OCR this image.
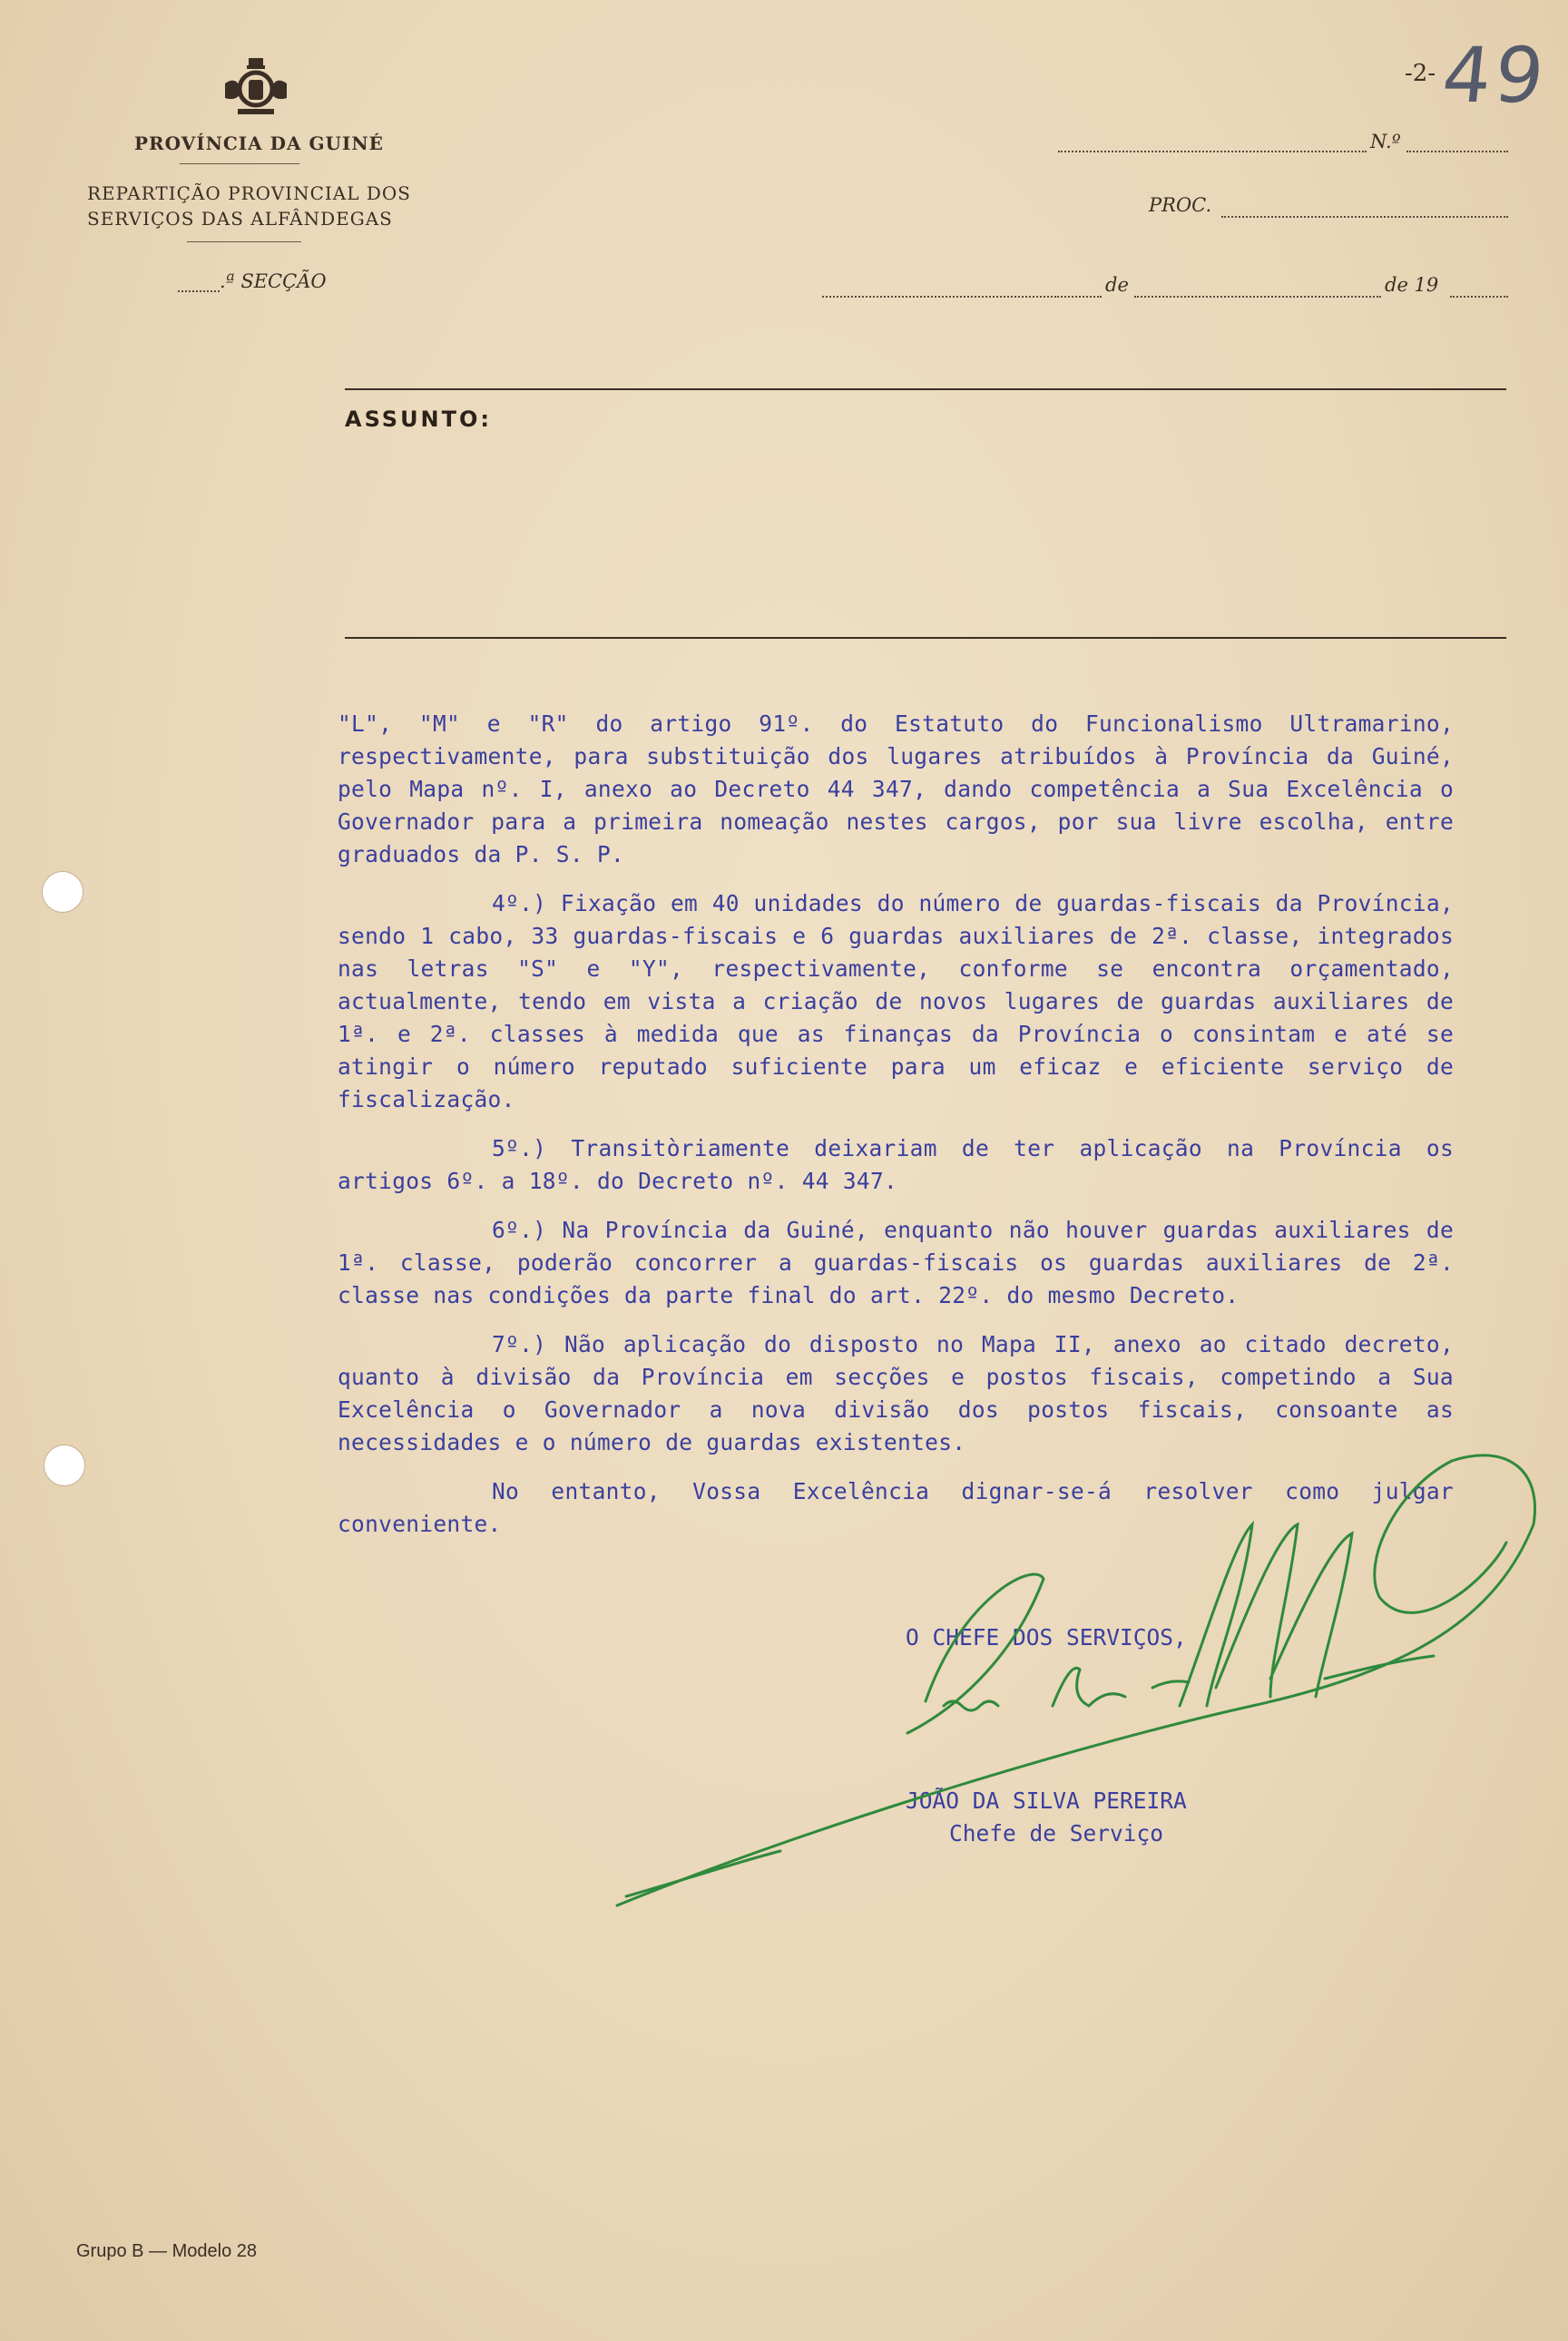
PROVÍNCIA DA GUINÉ
REPARTIÇÃO PROVINCIAL DOS
SERVIÇOS DAS ALFÂNDEGAS
.ª SECÇÃO
-2- 49
N.º
PROC.
de	de 19
ASSUNTO:

"L", "M" e "R" do artigo 91º. do Estatuto do Funcionalismo Ultramarino, respectivamente, para substituição dos lugares atribuídos à Província da Guiné, pelo Mapa nº. I, anexo ao Decreto 44 347, dando competência a Sua Excelência o Governador para a primeira nomeação nestes cargos, por sua livre escolha, entre graduados da P. S. P.

4º.) Fixação em 40 unidades do número de guardas-fiscais da Província, sendo 1 cabo, 33 guardas-fiscais e 6 guardas auxiliares de 2ª. classe, integrados nas letras "S" e "Y", respectivamente, conforme se encontra orçamentado, actualmente, tendo em vista a criação de novos lugares de guardas auxiliares de 1ª. e 2ª. classes à medida que as finanças da Província o consintam e até se atingir o número reputado suficiente para um eficaz e eficiente serviço de fiscalização.

5º.) Transitòriamente deixariam de ter aplicação na Província os artigos 6º. a 18º. do Decreto nº. 44 347.

6º.) Na Província da Guiné, enquanto não houver guardas auxiliares de 1ª. classe, poderão concorrer a guardas-fiscais os guardas auxiliares de 2ª. classe nas condições da parte final do art. 22º. do mesmo Decreto.

7º.) Não aplicação do disposto no Mapa II, anexo ao citado decreto, quanto à divisão da Província em secções e postos fiscais, competindo a Sua Excelência o Governador a nova divisão dos postos fiscais, consoante as necessidades e o número de guardas existentes.

No entanto, Vossa Excelência dignar-se-á resolver como julgar conveniente.

O CHEFE DOS SERVIÇOS,
JOÃO DA SILVA PEREIRA
Chefe de Serviço
Grupo B — Modelo 28
